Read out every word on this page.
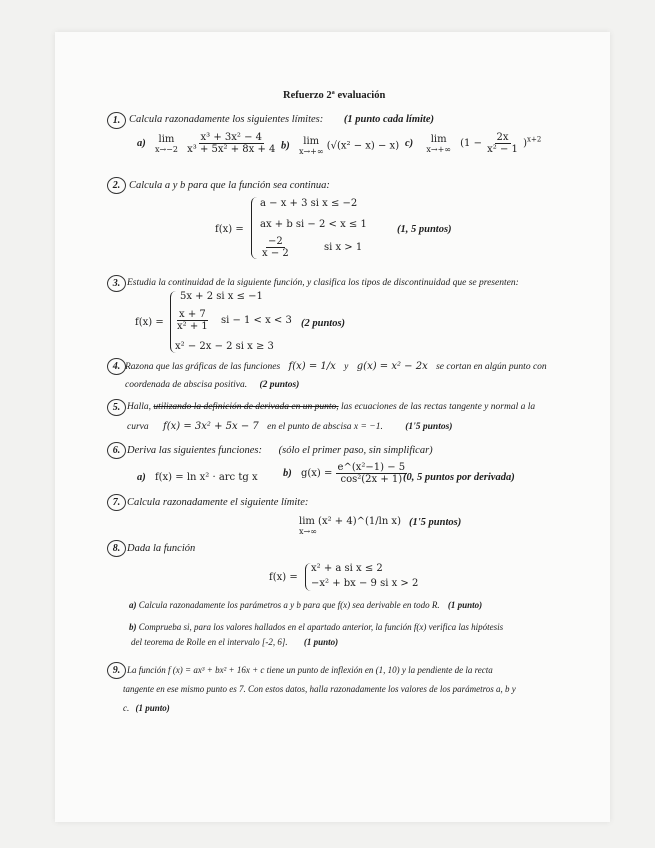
Refuerzo 2ª evaluación
1. Calcula razonadamente los siguientes límites: (1 punto cada límite)
a) lim
x→−2
$\frac{\text{x³ + 3x² − 4}}{\text{x³ + 5x² + 8x + 4}} b$) lim
x→+∞ (√(x² − x) − x) c) lim
x→+∞ $(1 - \frac{2x}{\text{x² − 1}} )^{x+2}$
2. Calcula a y b para que la función sea continua:
f(x) =
a − x + 3 si x ≤ −2
ax + b si − 2 < x ≤ 1
$\frac{-2}{x - 2}$	si x > 1
(1, 5 puntos)
3. Estudia la continuidad de la siguiente función, y clasifica los tipos de discontinuidad que se presenten:
f(x) =
5x + 2 si x ≤ −1
$\frac{x + 7}{\text{x² + 1}}$ si − 1 < x < 3
x² − 2x − 2 si x ≥ 3
(2 puntos)
4. Razona que las gráficas de las funciones f(x) = 1/x y g(x) = x² − 2x se cortan en algún punto con
coordenada de abscisa positiva. (2 puntos)
5. Halla, utilizando la definición de derivada en un punto, las ecuaciones de las rectas tangente y normal a la
curva f(x) = 3x² + 5x − 7 en el punto de abscisa x = −1. (1'5 puntos)
6. Deriva las siguientes funciones: (sólo el primer paso, sin simplificar)
a) f(x) = ln x² · arc tg x b) $g(x) = \frac{\text{e\textasciicircum{}(x²−1) − 5}}{\text{cos²(2x + 1)}}$
(0, 5 puntos por derivada)
7. Calcula razonadamente el siguiente límite:
lim (x² + 4)^(1/ln x)
x→∞
(1'5 puntos)
8. Dada la función
f(x) =
x² + a si x ≤ 2
−x² + bx − 9 si x > 2
a) Calcula razonadamente los parámetros a y b para que f(x) sea derivable en todo R. (1 punto)
b) Comprueba si, para los valores hallados en el apartado anterior, la función f(x) verifica las hipótesis
del teorema de Rolle en el intervalo [-2, 6]. (1 punto)
9. La función f (x) = ax³ + bx² + 16x + c tiene un punto de inflexión en (1, 10) y la pendiente de la recta
tangente en ese mismo punto es 7. Con estos datos, halla razonadamente los valores de los parámetros a, b y
c. (1 punto)
